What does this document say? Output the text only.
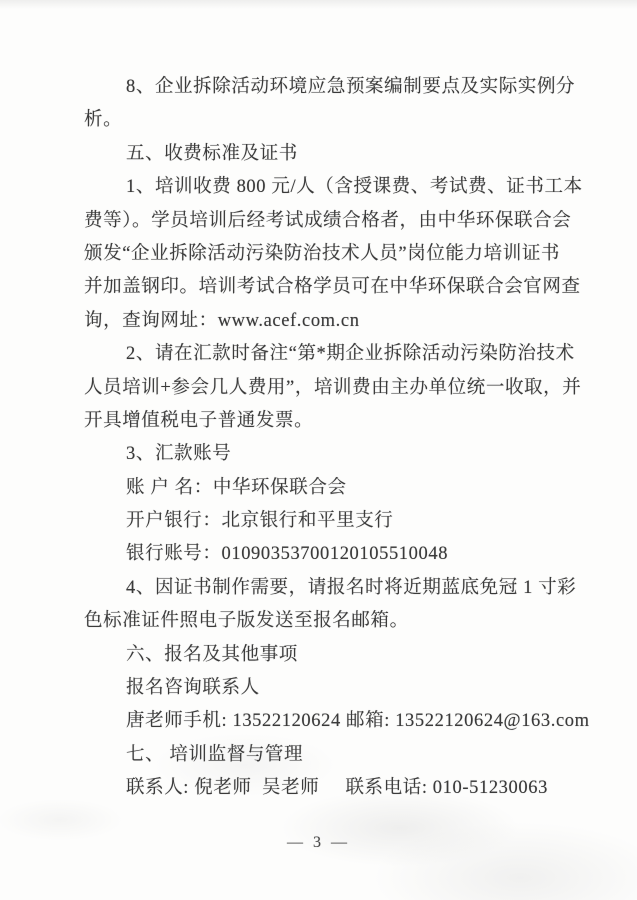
8、企业拆除活动环境应急预案编制要点及实际实例分
析。
五、收费标准及证书
1、培训收费 800 元/人（含授课费、考试费、证书工本
费等）。学员培训后经考试成绩合格者，由中华环保联合会
颁发“企业拆除活动污染防治技术人员”岗位能力培训证书
并加盖钢印。培训考试合格学员可在中华环保联合会官网查
询，查询网址：www.acef.com.cn
2、请在汇款时备注“第*期企业拆除活动污染防治技术
人员培训+参会几人费用”，培训费由主办单位统一收取，并
开具增值税电子普通发票。
3、汇款账号
账 户 名：中华环保联合会
开户银行：北京银行和平里支行
银行账号：01090353700120105510048
4、因证书制作需要，请报名时将近期蓝底免冠 1 寸彩
色标准证件照电子版发送至报名邮箱。
六、报名及其他事项
报名咨询联系人
唐老师手机: 13522120624 邮箱: 13522120624@163.com
七、 培训监督与管理
联系人: 倪老师  吴老师     联系电话: 010-51230063
— 3 —
